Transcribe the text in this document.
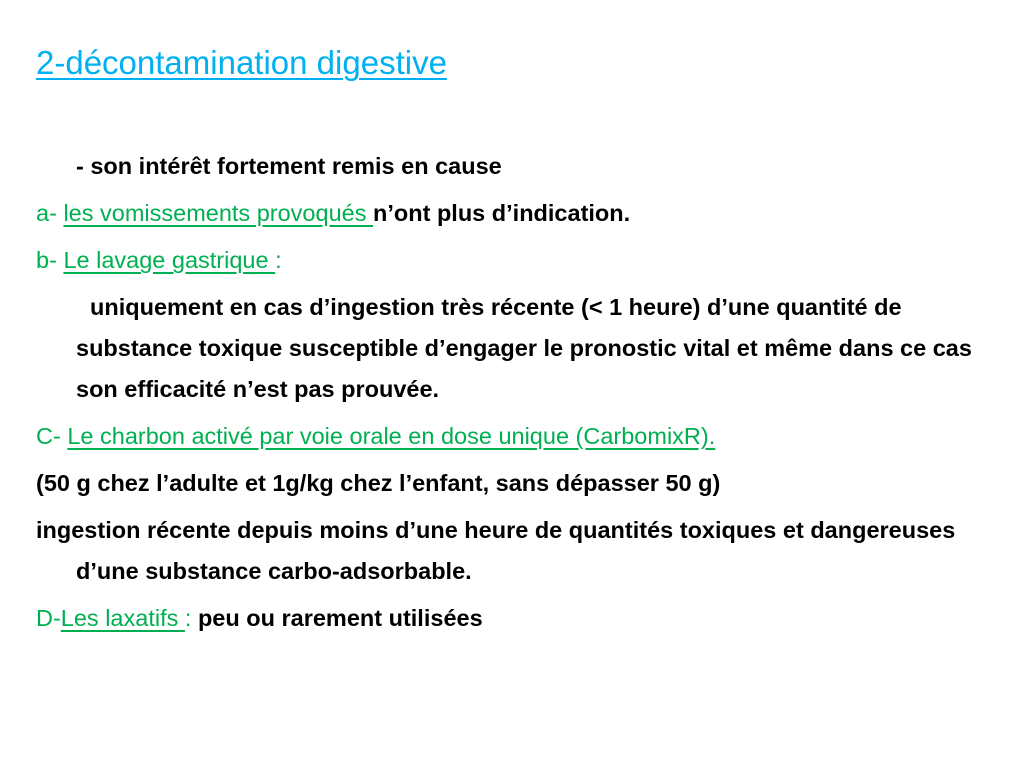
2-décontamination digestive
- son intérêt fortement remis en cause
a- les vomissements provoqués n’ont plus d’indication.
b- Le lavage gastrique :
uniquement en cas d’ingestion très récente (< 1 heure) d’une quantité de substance toxique susceptible d’engager le pronostic vital et même dans ce cas son efficacité n’est pas prouvée.
C- Le charbon activé par voie orale en dose unique (CarbomixR).
(50 g chez l’adulte et 1g/kg chez l’enfant, sans dépasser 50 g)
ingestion récente depuis moins d’une heure de quantités toxiques et dangereuses d’une substance carbo-adsorbable.
D-Les laxatifs : peu ou rarement utilisées
